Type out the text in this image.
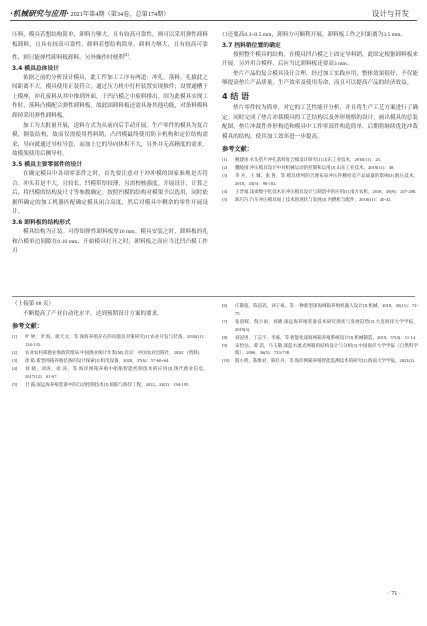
·机械研究与应用· 2021年第4期（第34卷，总第174期）	设计与开发

压料，模具若想结构简单，卸料力够大，且有较高可靠性，则可以采用弹性卸料板卸料，且具有较高可靠性，卸料若想结构简单，卸料力够大，且有较高可靠性，则只能弹性卸料板卸料，另外操作时便利[4]。

3.4 模具总体设计

依据之前的分析设计模具，此工件加工工序有两道：冲孔，落料。孔拔此之间距离不大，模具使用正装符合，通过压力机中打杆装置实现推件；设置通槽于上模座，冲孔废料从其中推到外面，于凹凸模之中废料排出。因为此模具实现工作时，落料凸模配合弹性卸料板，故此固卸料板还需具备其他功能，对条料模料卸掉采用弹性卸料板。

加工为大批量开展，送料方式为从前向后手动开展。生产零件的模具为复合模，倒装结构，故而仅需使用挡料销，凸凹模最终使用防卡机构和定位结构需求，导向就通过导柱导套，而加上它的导向体积不大，另外并无高精度的需求，故模架使用后侧导柱。

3.5 模具主要零部件的设计

在确定模具中各项零部件之时，首先要注意对于冲冲模的国家准规是否符合。冲头若是不大，且较长，凹模带厚较薄，另需校核强度。开展设计，计算之后，将凹模的结构及尺寸等参数确定。按照凹模的结构对模架予以选用，同时依据所确定的加工机器匹配确定模具闭合高度，然后对模具中剩余的零件开展设计。

3.6 卸料板的结构形式

模具结构为正装。可得知弹性卸料板厚16 mm。模具安装之时，卸料板的孔和凸模单边间隙在0.10 mm，开始模具打开之时，卸料板之高应当比凹凸模工作刃

口还要高0.3~0.5 mm，卸料方可顺利开展，卸料板工作之时距离为3.5 mm。

3.7 挡料销位置的确定

按照整个模具的结构，在模具凹凸模之上固定导料销，此固定根据卸料板来开展。另外用合模样，后应当比卸料板还要高3 mm。

垫片产品的复合模具设计合理，经过加工实践应用，整体效果很好，不仅能够提高垫片产品质量，生产效率及使用寿命，而且可以提高产品的经济效益。

4 结 语

垫片零件较为简单，对它的工艺性能开分析，并且将生产工艺方案进行了确定。同时完成了垫片冲裁模具的工艺结构以及外形规格的设计，画出模具的总装配图。垫片冲裁件外形构造和模具中工作零部件构造简单，后期将继续优化冲裁模具的结构，使其加工效率进一步提高。

参考文献：

[1] 鲍建宙.水头垫片冲孔落料复合模设计研究[J].山东工业技术，2018(11)：25.
[2] 魏陵国.冲压模具设计中对机械运动的控制和运用[J].山东工业技术，2018(11)：48.
[3] 李 兵，王 城，张 鲁，等.模具排列的合理布局冲压件精度及产品质量的影响[J].锻压技术，2018，43(5)：96-102.
[4] 王晋福.浅谈数字化技术在冲压模具设计与制造中的应用[J].南方农机，2018，49(9)：207-208.
[5] 陈巧巧.汽车冲压模具加工技术的现状与发展[J].内燃机与配件，2018(11)：40-43.

（上接第 68 页）

不断提高了产业自动化水平，达到预期设计方案的要求。

参考文献：

[1] 叶 婷，伞 海，鹿天文，等.深海养殖存在的问题及对策研究[J].农业开发与装备，2020(11)：134-135.
[2] 农业农村部渔业渔政管理局.中国渔业统计年鉴[M].北京：中国农业出版社，2020：[资料].
[3] 徐 皓.新型网箱养殖装备的设计探索[J].机电设备，2020，37(6)：57-60+64.
[4] 刘 晓，刘涛，徐 涛，等.海洋网箱养殖中船舶智能控制技术的应用[J].现代渔业信息，2017(12)：61-67.
[5] 甘 露.深远海养殖装备中的自动控制技术[J].船舶与海洋工程，2012，24(3)：194-195.
[6] 庄敬超，陈滔滔，刘子豪，等.一种新型深海网箱养殖机器人设计[J].机械，2018，45(11)：72-75.
[7] 张晨晖，倪小雨，刘晓.深远海养殖装备技术研究现状与发展趋势[J].大连海洋大学学报，2019(3).
[8] 刘冠男，丁志宇，李嘉，等.智能化深海网箱养殖系统设计[J].机械制造，2019，57(4)：11-14.
[9] 宋恰沽，谭 滔，马玉敬.深蓝水流式网箱的结构设计与分析[J].中国海洋大学学报（自然科学版），2006，36(5)：733-738.
[10] 殷小明，陈维君，陈红丹，等.海洋网箱养殖智能监测技术的研究[J].海南大学学报，2021(2).
· 71 ·
